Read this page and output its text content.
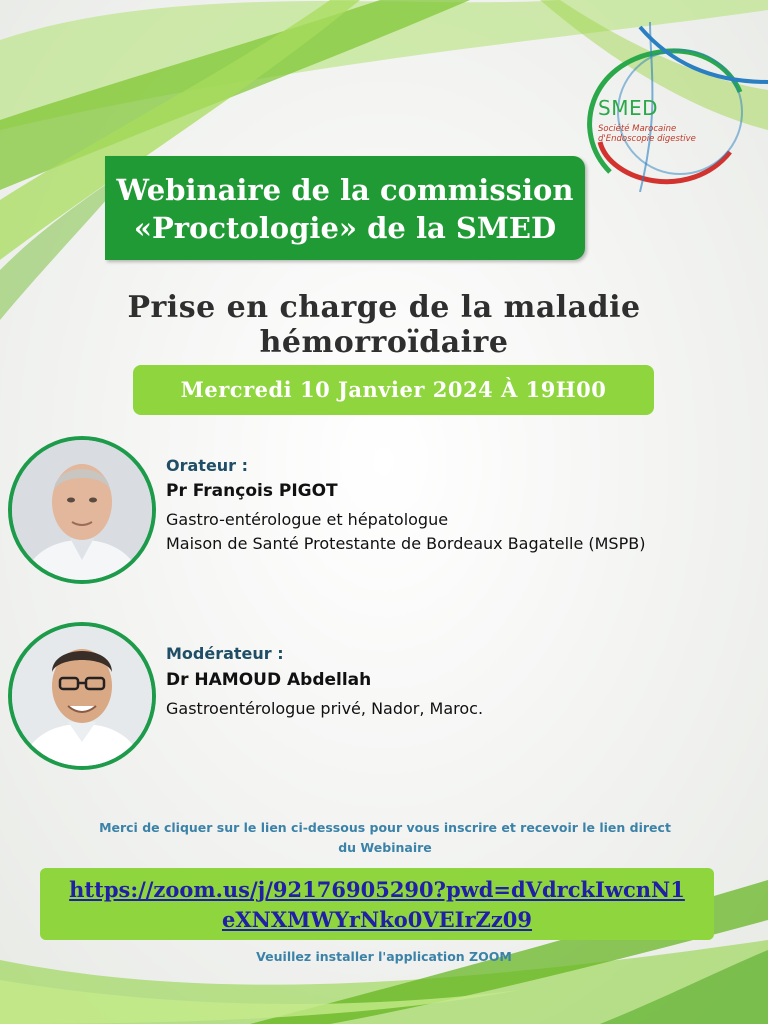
SMED
Société Marocaine
d'Endoscopie digestive
Webinaire de la commission
«Proctologie» de la SMED
Prise en charge de la maladie hémorroïdaire
Mercredi 10 Janvier 2024 À 19H00
Orateur :
Pr François PIGOT
Gastro-entérologue et hépatologue
Maison de Santé Protestante de Bordeaux Bagatelle (MSPB)
Modérateur :
Dr HAMOUD Abdellah
Gastroentérologue privé, Nador, Maroc.
Merci de cliquer sur le lien ci-dessous pour vous inscrire et recevoir le lien direct
du Webinaire
https://zoom.us/j/92176905290?pwd=dVdrckIwcnN1
eXNXMWYrNko0VEIrZz09
Veuillez installer l'application ZOOM
